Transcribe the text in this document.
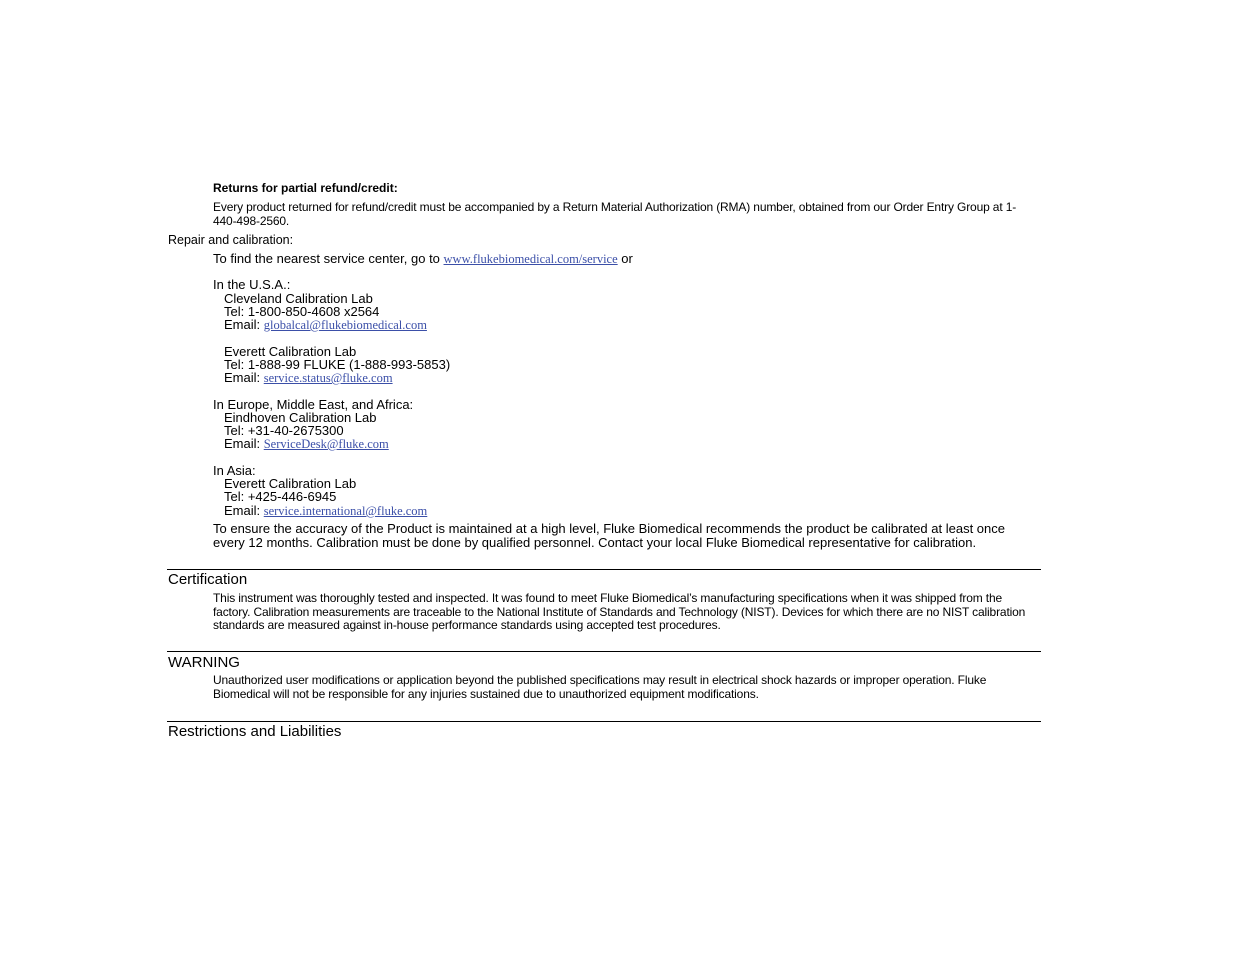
Returns for partial refund/credit:
Every product returned for refund/credit must be accompanied by a Return Material Authorization (RMA) number, obtained from our Order Entry Group at 1-440-498-2560.
Repair and calibration:
To find the nearest service center, go to www.flukebiomedical.com/service or
In the U.S.A.:
Cleveland Calibration Lab
Tel: 1-800-850-4608 x2564
Email: globalcal@flukebiomedical.com
Everett Calibration Lab
Tel: 1-888-99 FLUKE (1-888-993-5853)
Email: service.status@fluke.com
In Europe, Middle East, and Africa:
Eindhoven Calibration Lab
Tel: +31-40-2675300
Email: ServiceDesk@fluke.com
In Asia:
Everett Calibration Lab
Tel: +425-446-6945
Email: service.international@fluke.com
To ensure the accuracy of the Product is maintained at a high level, Fluke Biomedical recommends the product be calibrated at least once every 12 months. Calibration must be done by qualified personnel. Contact your local Fluke Biomedical representative for calibration.
Certification
This instrument was thoroughly tested and inspected. It was found to meet Fluke Biomedical’s manufacturing specifications when it was shipped from the factory. Calibration measurements are traceable to the National Institute of Standards and Technology (NIST). Devices for which there are no NIST calibration standards are measured against in-house performance standards using accepted test procedures.
WARNING
Unauthorized user modifications or application beyond the published specifications may result in electrical shock hazards or improper operation. Fluke Biomedical will not be responsible for any injuries sustained due to unauthorized equipment modifications.
Restrictions and Liabilities
